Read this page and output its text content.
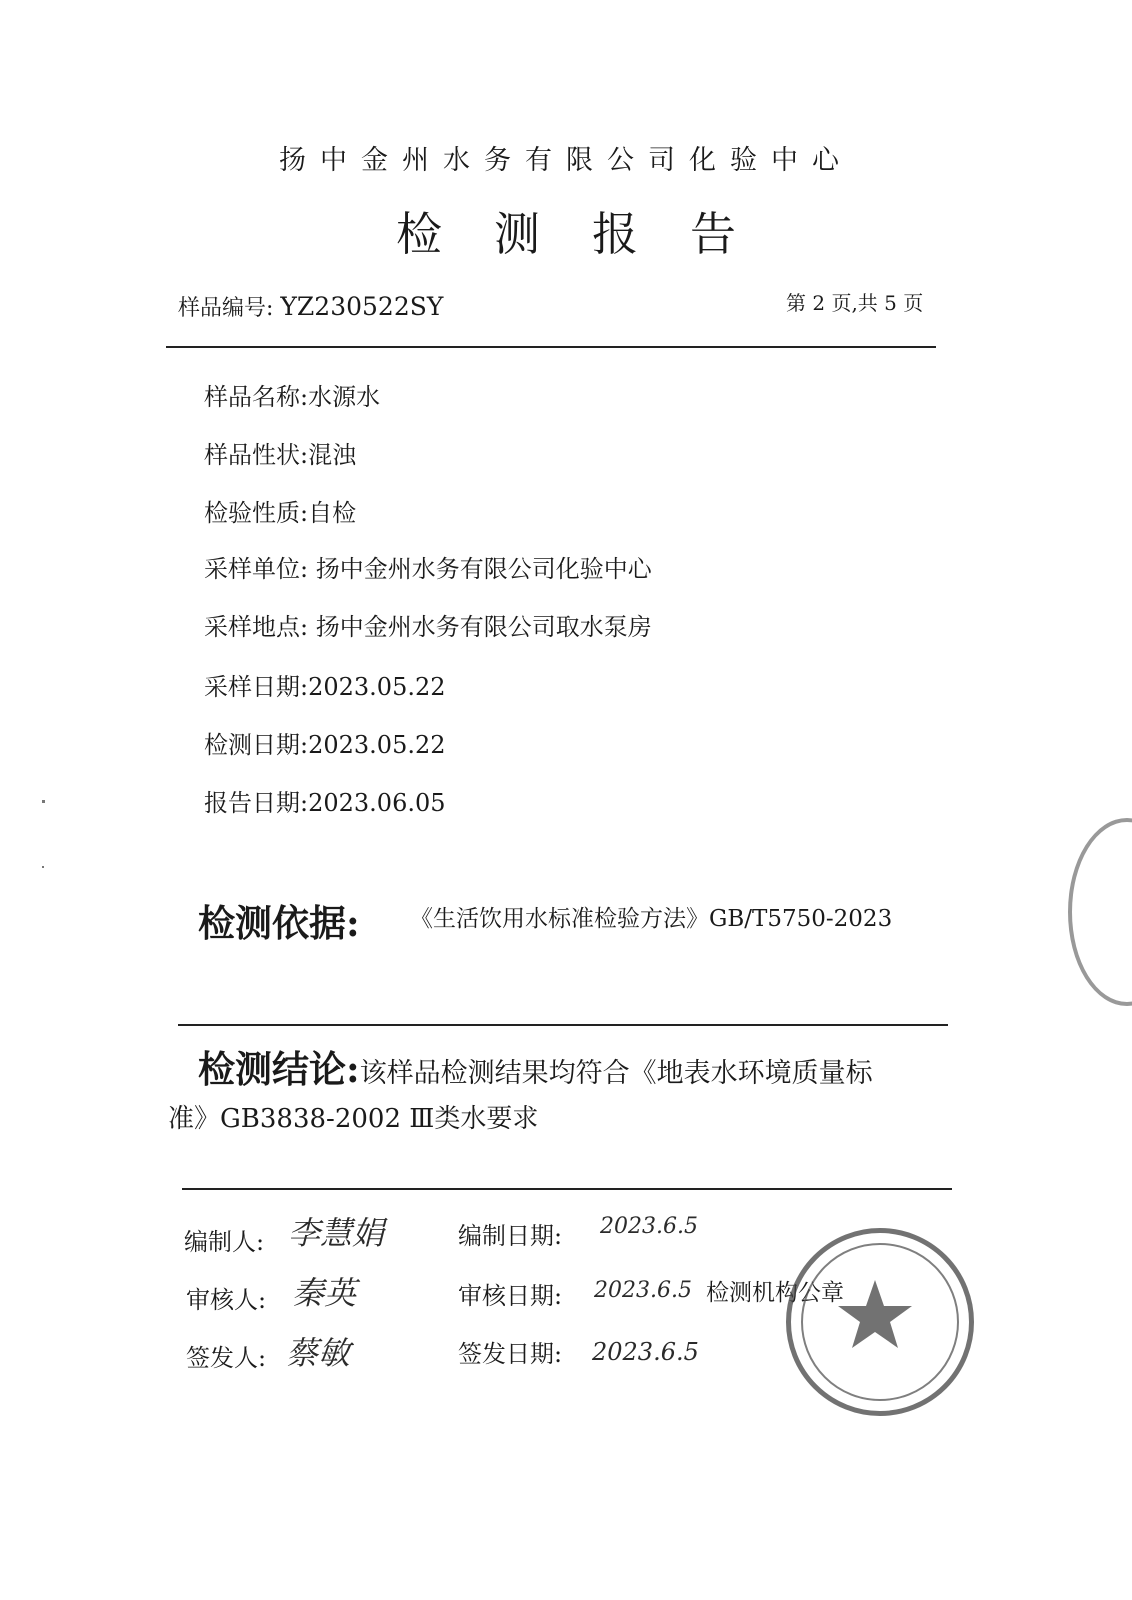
扬中金州水务有限公司化验中心
检测报告
样品编号: YZ230522SY	第 2 页,共 5 页
样品名称:水源水
样品性状:混浊
检验性质:自检
采样单位: 扬中金州水务有限公司化验中心
采样地点: 扬中金州水务有限公司取水泵房
采样日期:2023.05.22
检测日期:2023.05.22
报告日期:2023.06.05
检测依据: 《生活饮用水标准检验方法》GB/T5750-2023
检测结论:该样品检测结果均符合《地表水环境质量标
准》GB3838-2002 Ⅲ类水要求
编制人: 李慧娟	编制日期: 2023.6.5
审核人: 秦英	审核日期: 2023.6.5 检测机构公章
签发人: 蔡敏	签发日期: 2023.6.5
